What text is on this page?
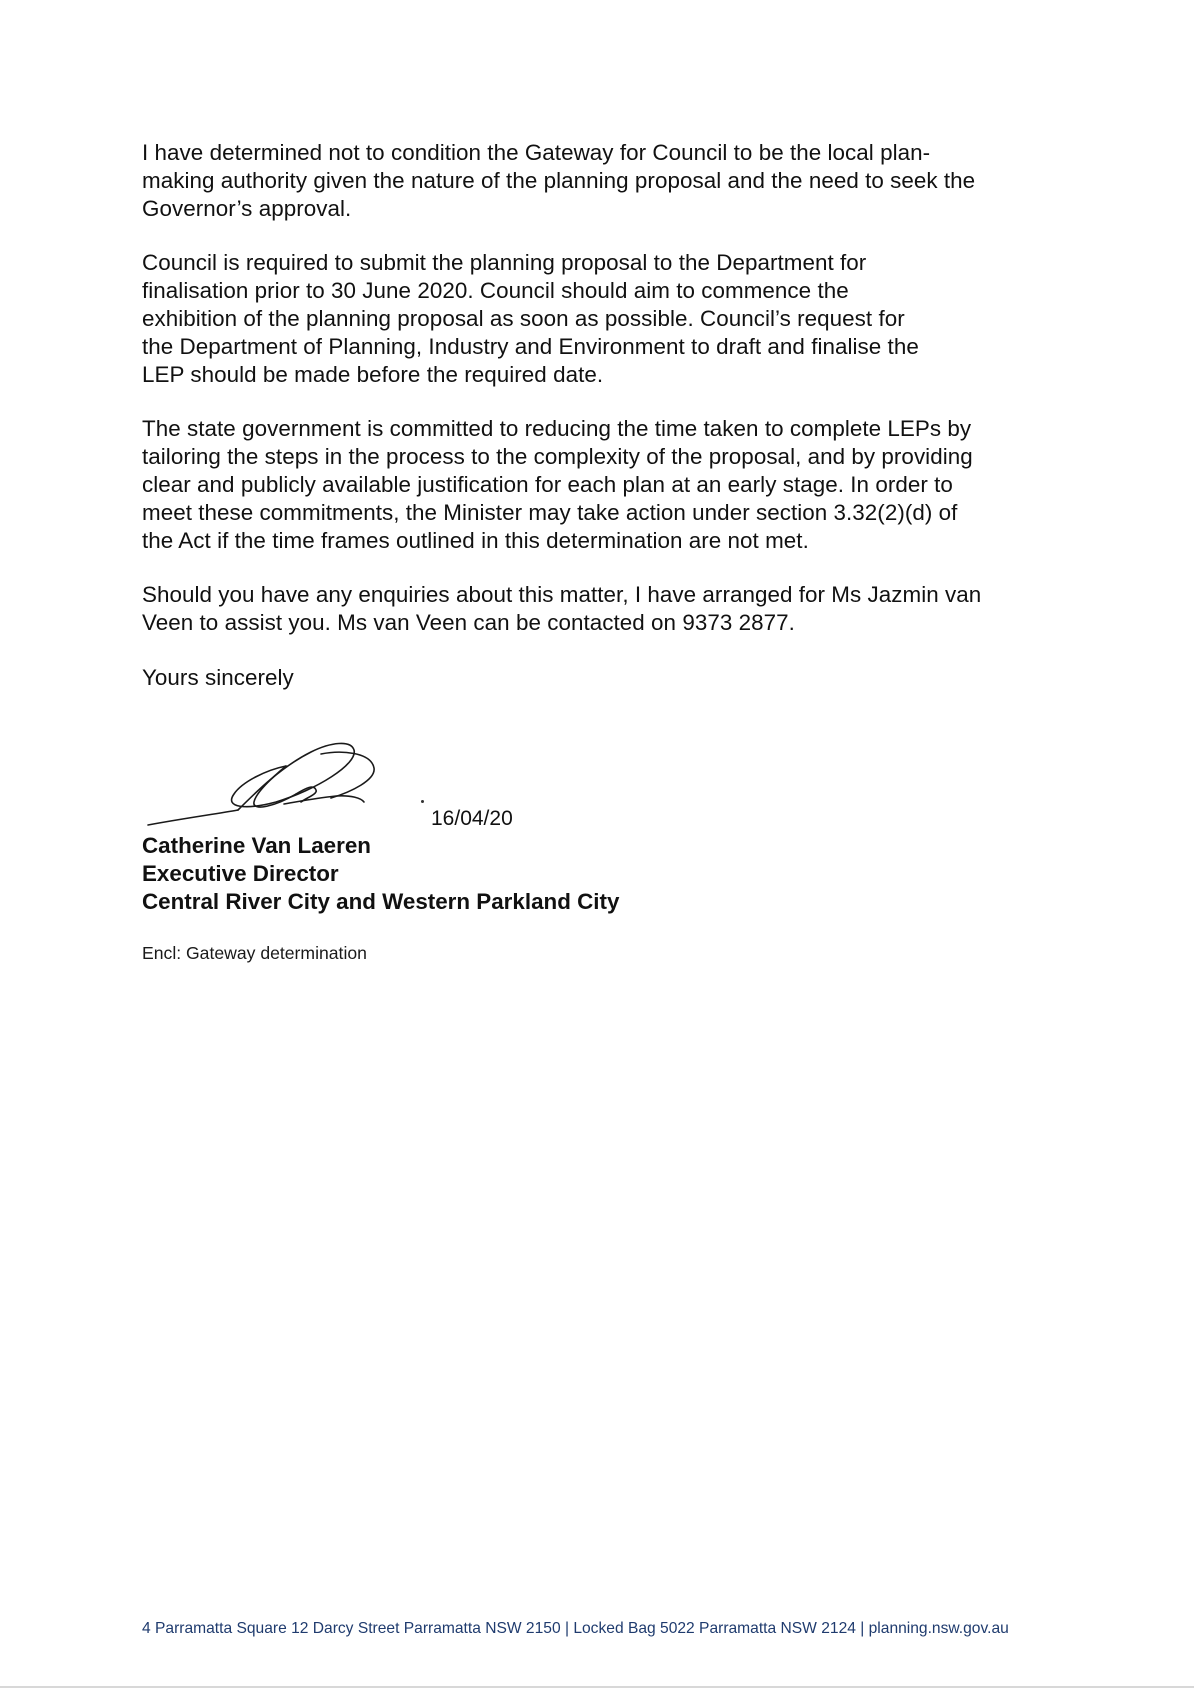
I have determined not to condition the Gateway for Council to be the local plan-
making authority given the nature of the planning proposal and the need to seek the
Governor’s approval.

Council is required to submit the planning proposal to the Department for
finalisation prior to 30 June 2020. Council should aim to commence the
exhibition of the planning proposal as soon as possible. Council’s request for
the Department of Planning, Industry and Environment to draft and finalise the
LEP should be made before the required date.

The state government is committed to reducing the time taken to complete LEPs by
tailoring the steps in the process to the complexity of the proposal, and by providing
clear and publicly available justification for each plan at an early stage. In order to
meet these commitments, the Minister may take action under section 3.32(2)(d) of
the Act if the time frames outlined in this determination are not met.

Should you have any enquiries about this matter, I have arranged for Ms Jazmin van
Veen to assist you. Ms van Veen can be contacted on 9373 2877.

Yours sincerely

16/04/20
Catherine Van Laeren
Executive Director
Central River City and Western Parkland City
Encl: Gateway determination
4 Parramatta Square 12 Darcy Street Parramatta NSW 2150 | Locked Bag 5022 Parramatta NSW 2124 | planning.nsw.gov.au
